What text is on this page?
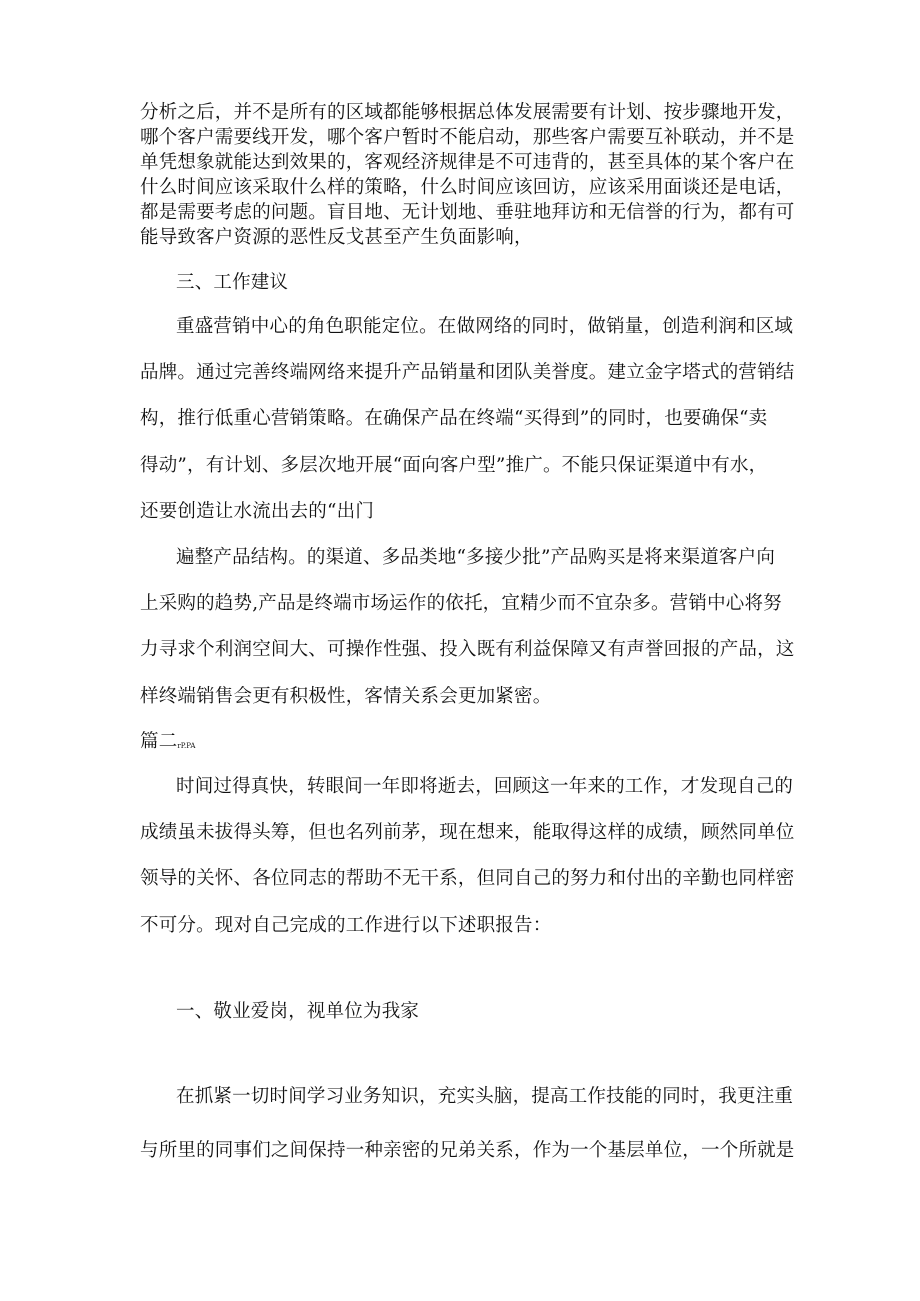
分析之后，并不是所有的区域都能够根据总体发展需要有计划、按步骤地开发，

哪个客户需要线开发，哪个客户暂时不能启动，那些客户需要互补联动，并不是

单凭想象就能达到效果的，客观经济规律是不可违背的，甚至具体的某个客户在

什么时间应该采取什么样的策略，什么时间应该回访，应该采用面谈还是电话，

都是需要考虑的问题。盲目地、无计划地、垂驻地拜访和无信誉的行为，都有可

能导致客户资源的恶性反戈甚至产生负面影响，

三、工作建议

重盛营销中心的角色职能定位。在做网络的同时，做销量，创造利润和区域

品牌。通过完善终端网络来提升产品销量和团队美誉度。建立金字塔式的营销结

构，推行低重心营销策略。在确保产品在终端“买得到”的同时，也要确保“卖

得动”，有计划、多层次地开展“面向客户型”推广。不能只保证渠道中有水，

还要创造让水流出去的“出门

遍整产品结构。的渠道、多品类地“多接少批”产品购买是将来渠道客户向

上采购的趋势,产品是终端市场运作的依托，宜精少而不宜杂多。营销中心将努

力寻求个利润空间大、可操作性强、投入既有利益保障又有声誉回报的产品，这

样终端销售会更有积极性，客情关系会更加紧密。

篇二rP.PA

时间过得真快，转眼间一年即将逝去，回顾这一年来的工作，才发现自己的

成绩虽未拔得头筹，但也名列前茅，现在想来，能取得这样的成绩，顾然同单位

领导的关怀、各位同志的帮助不无干系，但同自己的努力和付出的辛勤也同样密

不可分。现对自己完成的工作进行以下述职报告：

一、敬业爱岗，视单位为我家

在抓紧一切时间学习业务知识，充实头脑，提高工作技能的同时，我更注重

与所里的同事们之间保持一种亲密的兄弟关系，作为一个基层单位，一个所就是
